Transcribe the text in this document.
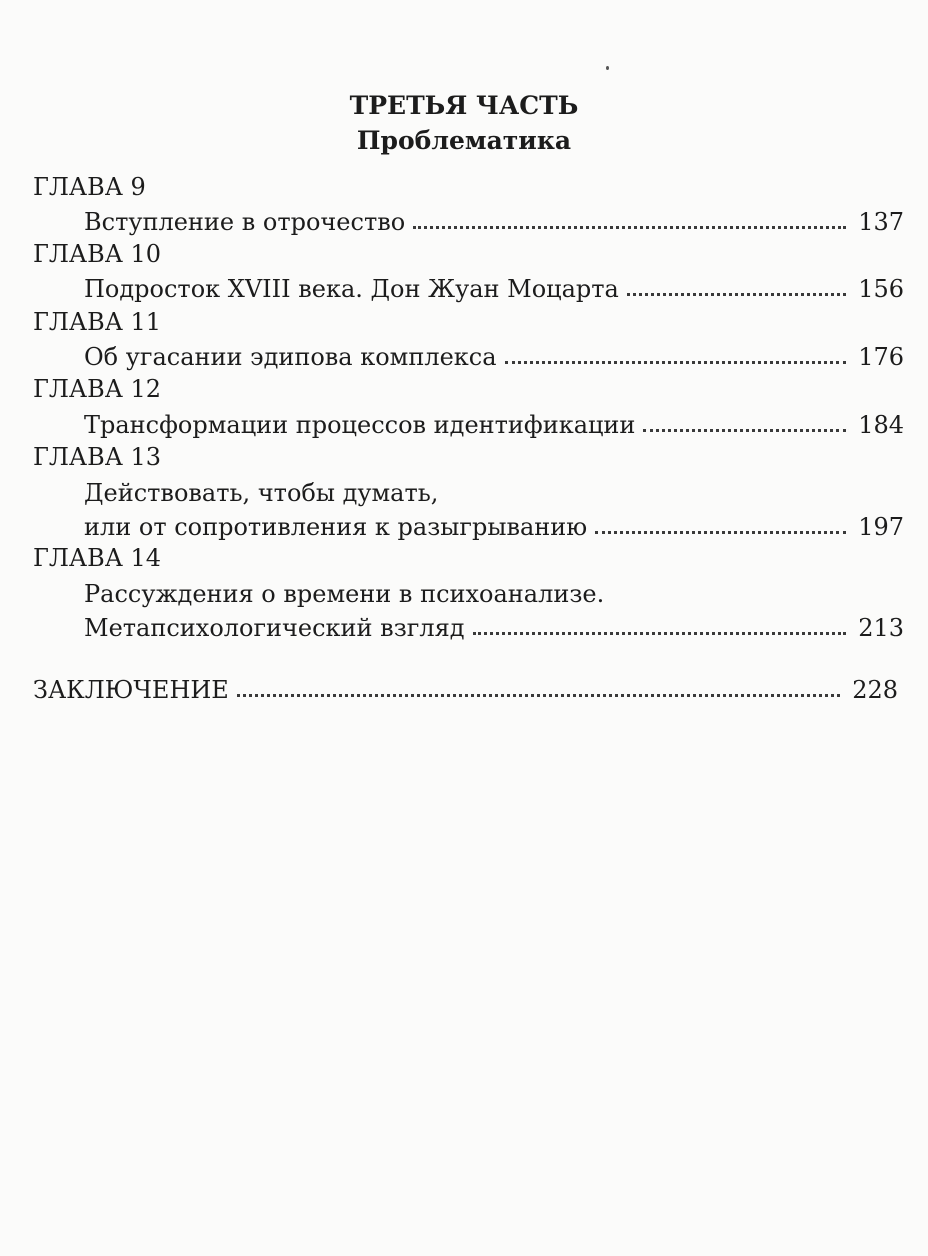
ТРЕТЬЯ ЧАСТЬ
Проблематика
ГЛАВА 9
Вступление в отрочество	137
ГЛАВА 10
Подросток XVIII века. Дон Жуан Моцарта	156
ГЛАВА 11
Об угасании эдипова комплекса	176
ГЛАВА 12
Трансформации процессов идентификации	184
ГЛАВА 13
Действовать, чтобы думать,
или от сопротивления к разыгрыванию	197
ГЛАВА 14
Рассуждения о времени в психоанализе.
Метапсихологический взгляд	213
ЗАКЛЮЧЕНИЕ	228
